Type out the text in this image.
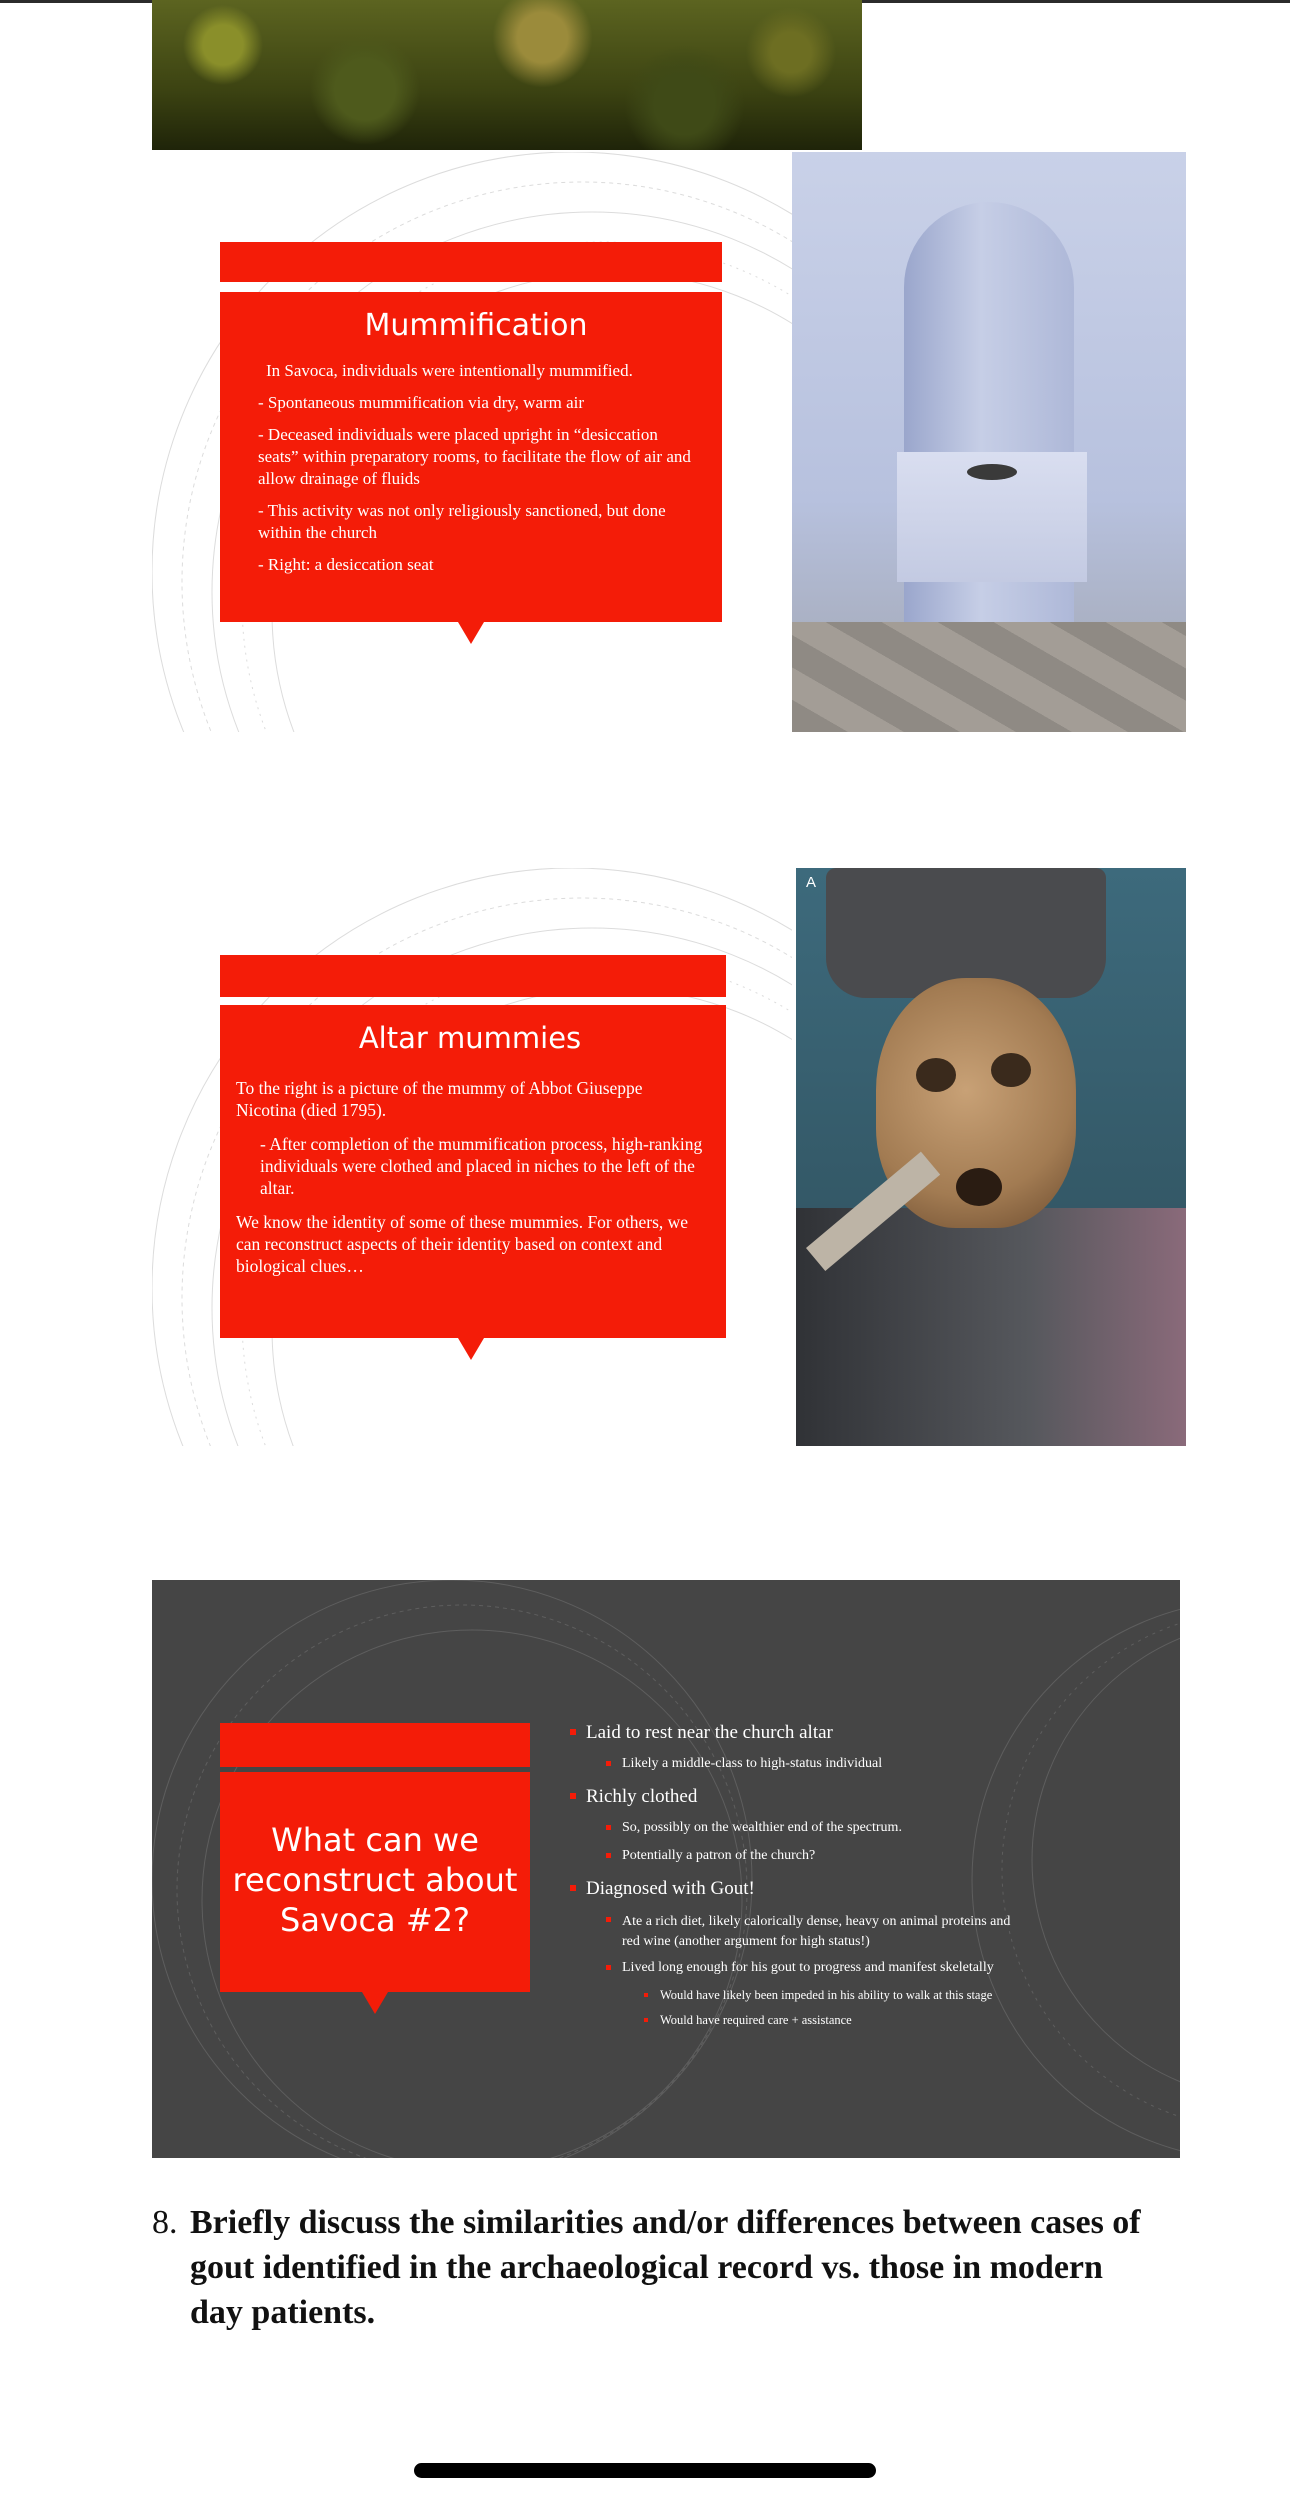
Mummification

In Savoca, individuals were intentionally mummified.

- Spontaneous mummification via dry, warm air

- Deceased individuals were placed upright in “desiccation seats” within preparatory rooms, to facilitate the flow of air and allow drainage of fluids

- This activity was not only religiously sanctioned, but done within the church

- Right: a desiccation seat

Altar mummies

To the right is a picture of the mummy of Abbot Giuseppe Nicotina (died 1795).

- After completion of the mummification process, high-ranking individuals were clothed and placed in niches to the left of the altar.

We know the identity of some of these mummies. For others, we can reconstruct aspects of their identity based on context and biological clues…

A
What can we
reconstruct about
Savoca #2?
Laid to rest near the church altar
Likely a middle-class to high-status individual
Richly clothed
So, possibly on the wealthier end of the spectrum.
Potentially a patron of the church?
Diagnosed with Gout!
Ate a rich diet, likely calorically dense, heavy on animal proteins and
red wine (another argument for high status!)
Lived long enough for his gout to progress and manifest skeletally
Would have likely been impeded in his ability to walk at this stage
Would have required care + assistance
8. Briefly discuss the similarities and/or differences between cases of gout identified in the archaeological record vs. those in modern day patients.
